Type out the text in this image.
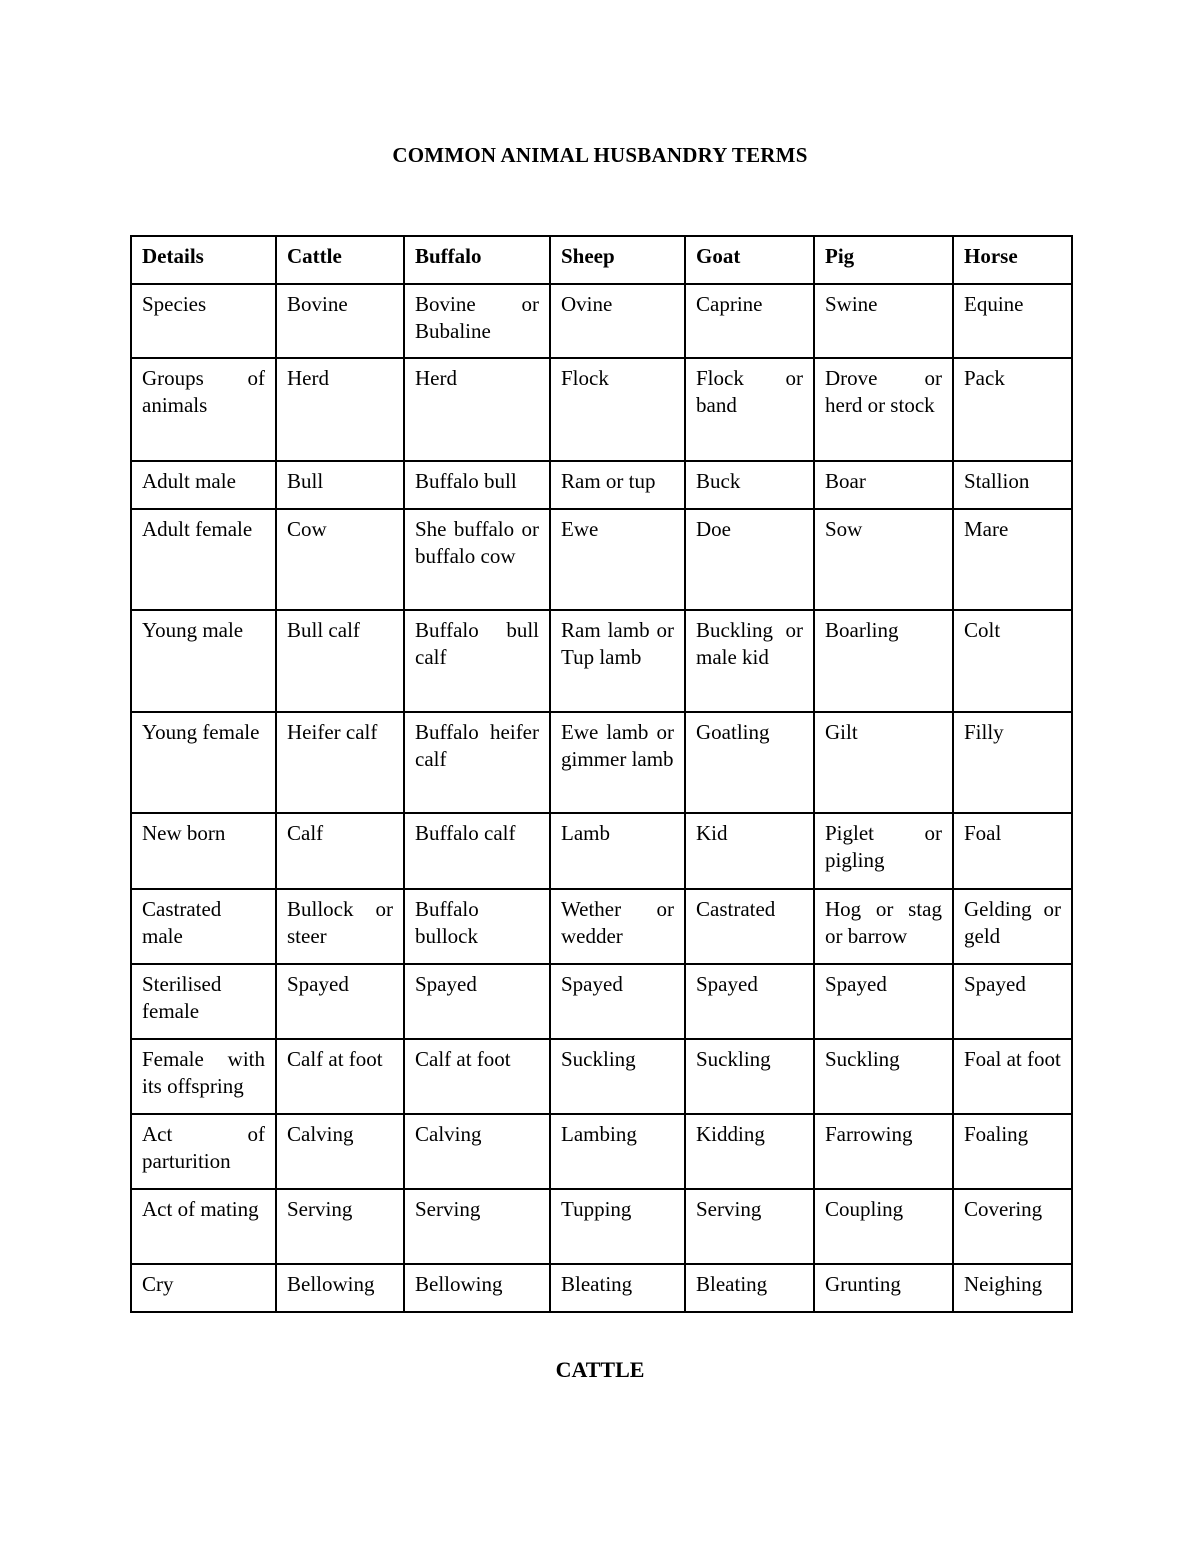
COMMON ANIMAL HUSBANDRY TERMS
Details	Cattle	Buffalo	Sheep	Goat	Pig	Horse
Species	Bovine	Bovine or Bubaline	Ovine	Caprine	Swine	Equine
Groups of animals	Herd	Herd	Flock	Flock or band	Drove or herd or stock	Pack
Adult male	Bull	Buffalo bull	Ram or tup	Buck	Boar	Stallion
Adult female	Cow	She buffalo or buffalo cow	Ewe	Doe	Sow	Mare
Young male	Bull calf	Buffalo bull calf	Ram lamb or Tup lamb	Buckling or male kid	Boarling	Colt
Young female	Heifer calf	Buffalo heifer calf	Ewe lamb or gimmer lamb	Goatling	Gilt	Filly
New born	Calf	Buffalo calf	Lamb	Kid	Piglet or pigling	Foal
Castrated male	Bullock or steer	Buffalo bullock	Wether or wedder	Castrated	Hog or stag or barrow	Gelding or geld
Sterilised female	Spayed	Spayed	Spayed	Spayed	Spayed	Spayed
Female with its offspring	Calf at foot	Calf at foot	Suckling	Suckling	Suckling	Foal at foot
Act of parturition	Calving	Calving	Lambing	Kidding	Farrowing	Foaling
Act of mating	Serving	Serving	Tupping	Serving	Coupling	Covering
Cry	Bellowing	Bellowing	Bleating	Bleating	Grunting	Neighing
CATTLE
